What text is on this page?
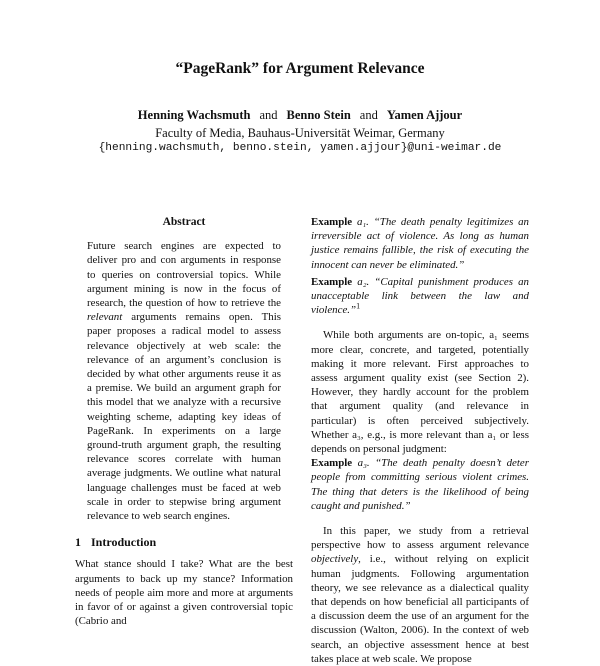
“PageRank” for Argument Relevance
Henning Wachsmuth and Benno Stein and Yamen Ajjour
Faculty of Media, Bauhaus-Universität Weimar, Germany
{henning.wachsmuth, benno.stein, yamen.ajjour}@uni-weimar.de
Abstract
Future search engines are expected to deliver pro and con arguments in response to queries on controversial topics. While argument mining is now in the focus of research, the question of how to retrieve the relevant arguments remains open. This paper proposes a radical model to assess relevance objectively at web scale: the relevance of an argument’s conclusion is decided by what other arguments reuse it as a premise. We build an argument graph for this model that we analyze with a recursive weighting scheme, adapting key ideas of PageRank. In experiments on a large ground-truth argument graph, the resulting relevance scores correlate with human average judgments. We outline what natural language challenges must be faced at web scale in order to stepwise bring argument relevance to web search engines.
1 Introduction

What stance should I take? What are the best arguments to back up my stance? Information needs of people aim more and more at arguments in favor of or against a given controversial topic (Cabrio and

Example a₁. “The death penalty legitimizes an irreversible act of violence. As long as human justice remains fallible, the risk of executing the innocent can never be eliminated.”
Example a₂. “Capital punishment produces an unacceptable link between the law and violence.”$^1$

While both arguments are on-topic, a₁ seems more clear, concrete, and targeted, potentially making it more relevant. First approaches to assess argument quality exist (see Section 2). However, they hardly account for the problem that argument quality (and relevance in particular) is often perceived subjectively. Whether a₃, e.g., is more relevant than a₁ or less depends on personal judgment:

Example a₃. “The death penalty doesn’t deter people from committing serious violent crimes. The thing that deters is the likelihood of being caught and punished.”

In this paper, we study from a retrieval perspective how to assess argument relevance objectively, i.e., without relying on explicit human judgments. Following argumentation theory, we see relevance as a dialectical quality that depends on how beneficial all participants of a discussion deem the use of an argument for the discussion (Walton, 2006). In the context of web search, an objective assessment hence at best takes place at web scale. We propose
